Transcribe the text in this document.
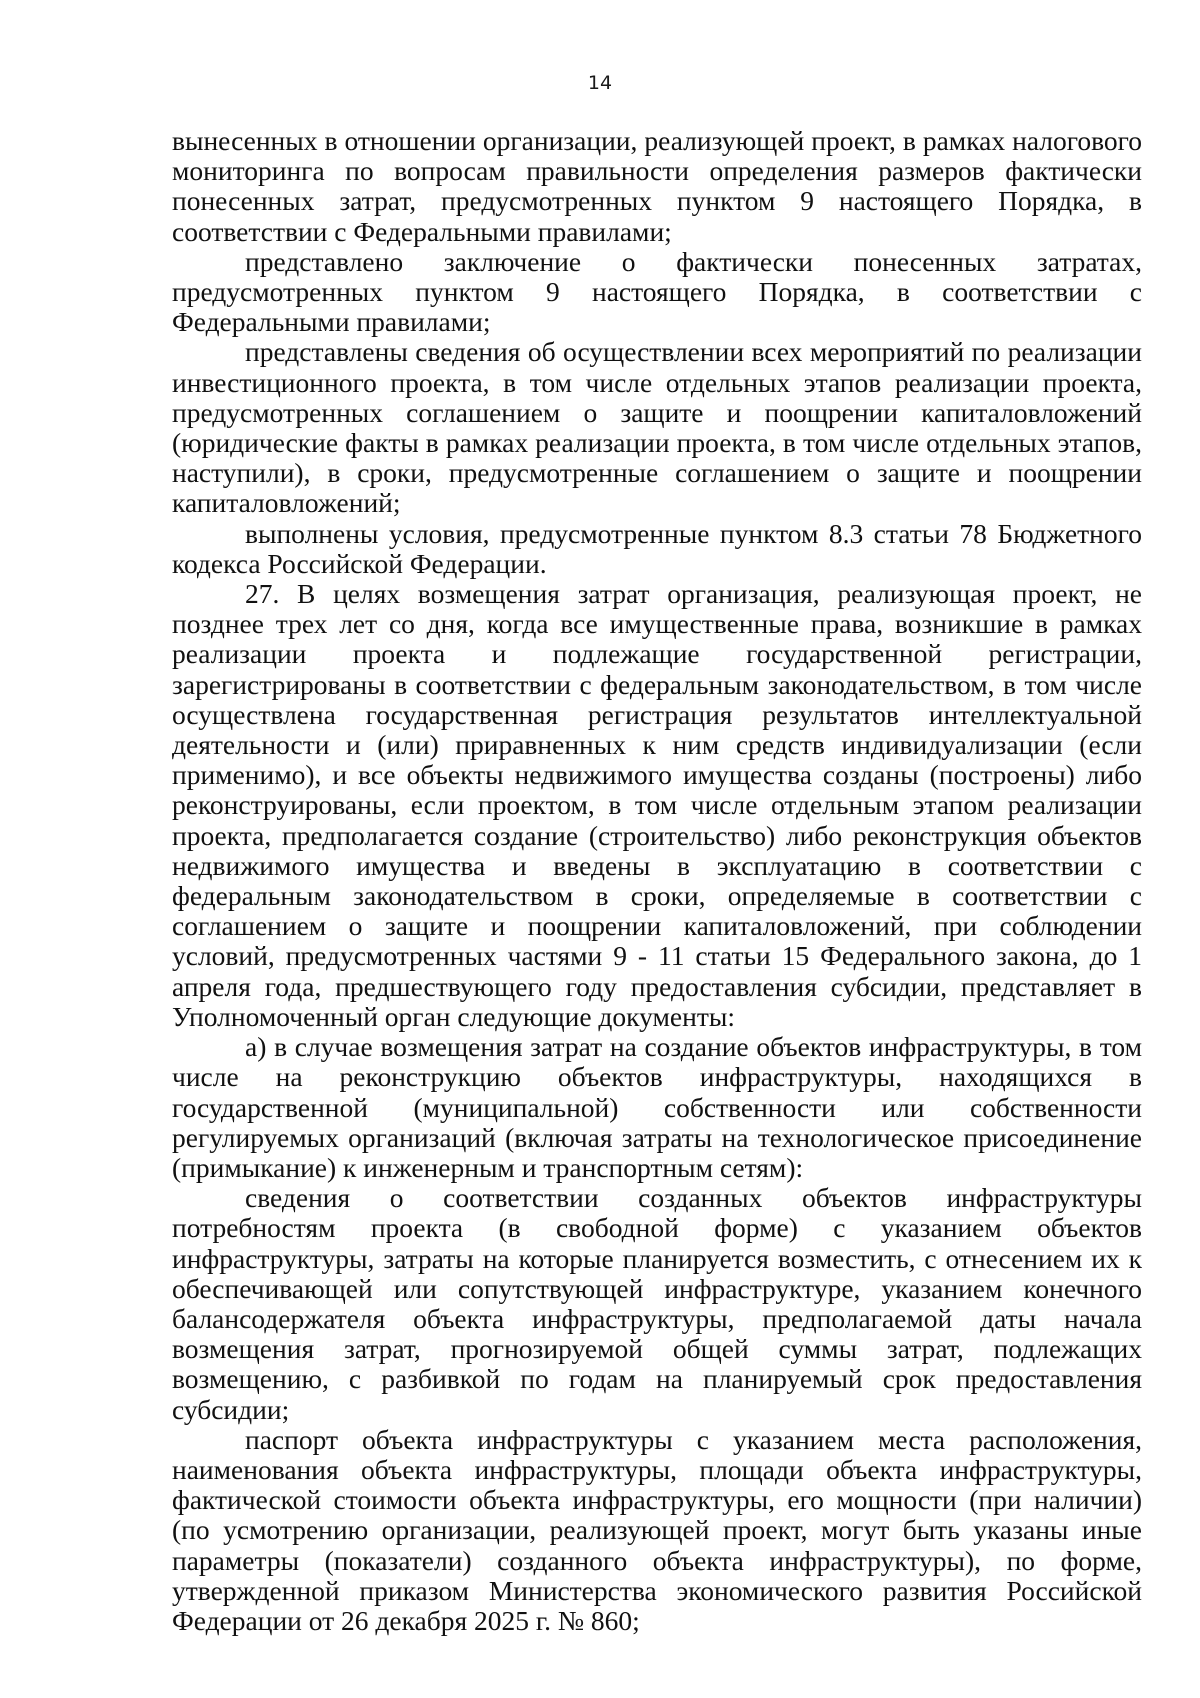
14

вынесенных в отношении организации, реализующей проект, в рамках налогового мониторинга по вопросам правильности определения размеров фактически понесенных затрат, предусмотренных пунктом 9 настоящего Порядка, в соответствии с Федеральными правилами;

представлено заключение о фактически понесенных затратах, предусмотренных пунктом 9 настоящего Порядка, в соответствии с Федеральными правилами;

представлены сведения об осуществлении всех мероприятий по реализации инвестиционного проекта, в том числе отдельных этапов реализации проекта, предусмотренных соглашением о защите и поощрении капиталовложений (юридические факты в рамках реализации проекта, в том числе отдельных этапов, наступили), в сроки, предусмотренные соглашением о защите и поощрении капиталовложений;

выполнены условия, предусмотренные пунктом 8.3 статьи 78 Бюджетного кодекса Российской Федерации.

27. В целях возмещения затрат организация, реализующая проект, не позднее трех лет со дня, когда все имущественные права, возникшие в рамках реализации проекта и подлежащие государственной регистрации, зарегистрированы в соответствии с федеральным законодательством, в том числе осуществлена государственная регистрация результатов интеллектуальной деятельности и (или) приравненных к ним средств индивидуализации (если применимо), и все объекты недвижимого имущества созданы (построены) либо реконструированы, если проектом, в том числе отдельным этапом реализации проекта, предполагается создание (строительство) либо реконструкция объектов недвижимого имущества и введены в эксплуатацию в соответствии с федеральным законодательством в сроки, определяемые в соответствии с соглашением о защите и поощрении капиталовложений, при соблюдении условий, предусмотренных частями 9 - 11 статьи 15 Федерального закона, до 1 апреля года, предшествующего году предоставления субсидии, представляет в Уполномоченный орган следующие документы:

а) в случае возмещения затрат на создание объектов инфраструктуры, в том числе на реконструкцию объектов инфраструктуры, находящихся в государственной (муниципальной) собственности или собственности регулируемых организаций (включая затраты на технологическое присоединение (примыкание) к инженерным и транспортным сетям):

сведения о соответствии созданных объектов инфраструктуры потребностям проекта (в свободной форме) с указанием объектов инфраструктуры, затраты на которые планируется возместить, с отнесением их к обеспечивающей или сопутствующей инфраструктуре, указанием конечного балансодержателя объекта инфраструктуры, предполагаемой даты начала возмещения затрат, прогнозируемой общей суммы затрат, подлежащих возмещению, с разбивкой по годам на планируемый срок предоставления субсидии;

паспорт объекта инфраструктуры с указанием места расположения, наименования объекта инфраструктуры, площади объекта инфраструктуры, фактической стоимости объекта инфраструктуры, его мощности (при наличии) (по усмотрению организации, реализующей проект, могут быть указаны иные параметры (показатели) созданного объекта инфраструктуры), по форме, утвержденной приказом Министерства экономического развития Российской Федерации от 26 декабря 2025 г. № 860;
